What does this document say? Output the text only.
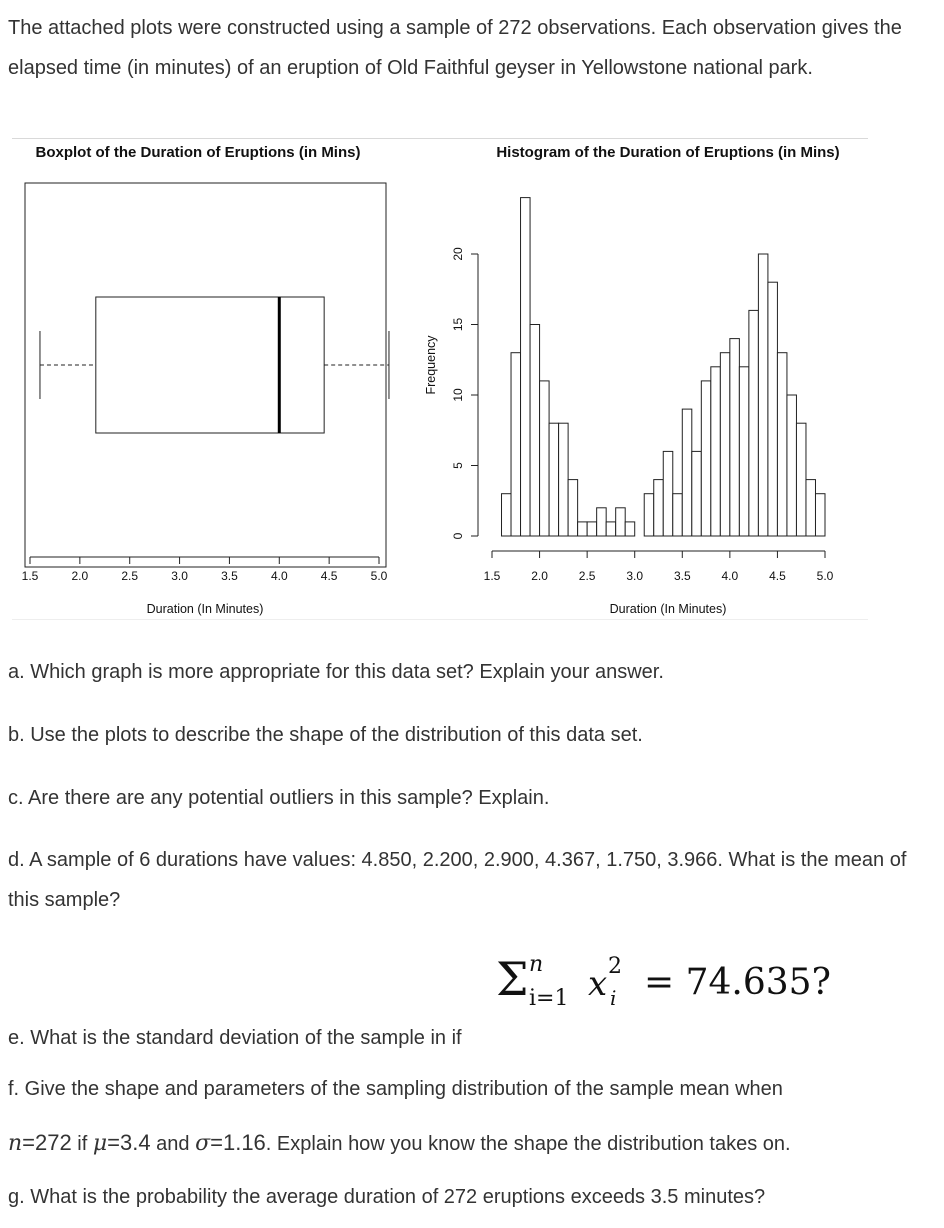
The attached plots were constructed using a sample of 272 observations. Each observation gives the elapsed time (in minutes) of an eruption of Old Faithful geyser in Yellowstone national park.

Boxplot of the Duration of Eruptions (in Mins)
1.5	2.0	2.5	3.0	3.5	4.0	4.5	5.0
Duration (In Minutes)
Histogram of the Duration of Eruptions (in Mins)
0
5
10
15
20
Frequency
1.5	2.0	2.5	3.0	3.5	4.0	4.5	5.0
Duration (In Minutes)

a. Which graph is more appropriate for this data set? Explain your answer.

b. Use the plots to describe the shape of the distribution of this data set.

c. Are there are any potential outliers in this sample? Explain.

d. A sample of 6 durations have values: 4.850, 2.200, 2.900, 4.367, 1.750, 3.966. What is the mean of this sample?

Σ n
i=1 x 2
i = 74.635?

e. What is the standard deviation of the sample in if

f. Give the shape and parameters of the sampling distribution of the sample mean when

n=272 if μ=3.4 and σ=1.16. Explain how you know the shape the distribution takes on.

g. What is the probability the average duration of 272 eruptions exceeds 3.5 minutes?
